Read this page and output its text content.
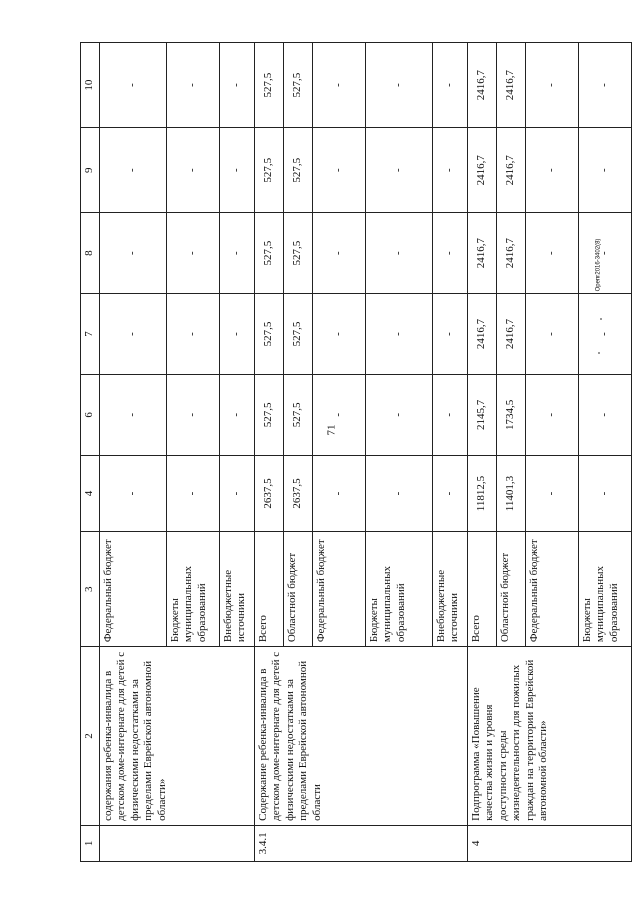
71
Орепг2016-3402(8)
1	2	3	4	6	7	8	9	10
	содержания ребенка-инвалида в детском доме-интернате для детей с физическими недостатками за пределами Еврейской автономной области»	Федеральный бюджет	-	-	-	-	-	-
		Бюджеты муниципальных образований	-	-	-	-	-	-
		Внебюджетные источники	-	-	-	-	-	-
3.4.1	Содержание ребенка-инвалида в детском доме-интернате для детей с физическими недостатками за пределами Еврейской автономной области	Всего	2637,5	527,5	527,5	527,5	527,5	527,5
		Областной бюджет	2637,5	527,5	527,5	527,5	527,5	527,5
		Федеральный бюджет	-	-	-	-	-	-
		Бюджеты муниципальных образований	-	-	-	-	-	-
		Внебюджетные источники	-	-	-	-	-	-
4	Подпрограмма «Повышение качества жизни и уровня доступности среды жизнедеятельности для пожилых граждан на территории Еврейской автономной области»	Всего	11812,5	2145,7	2416,7	2416,7	2416,7	2416,7
		Областной бюджет	11401,3	1734,5	2416,7	2416,7	2416,7	2416,7
		Федеральный бюджет	-	-	-	-	-	-
		Бюджеты муниципальных образований	-	-	-	-	-	-
